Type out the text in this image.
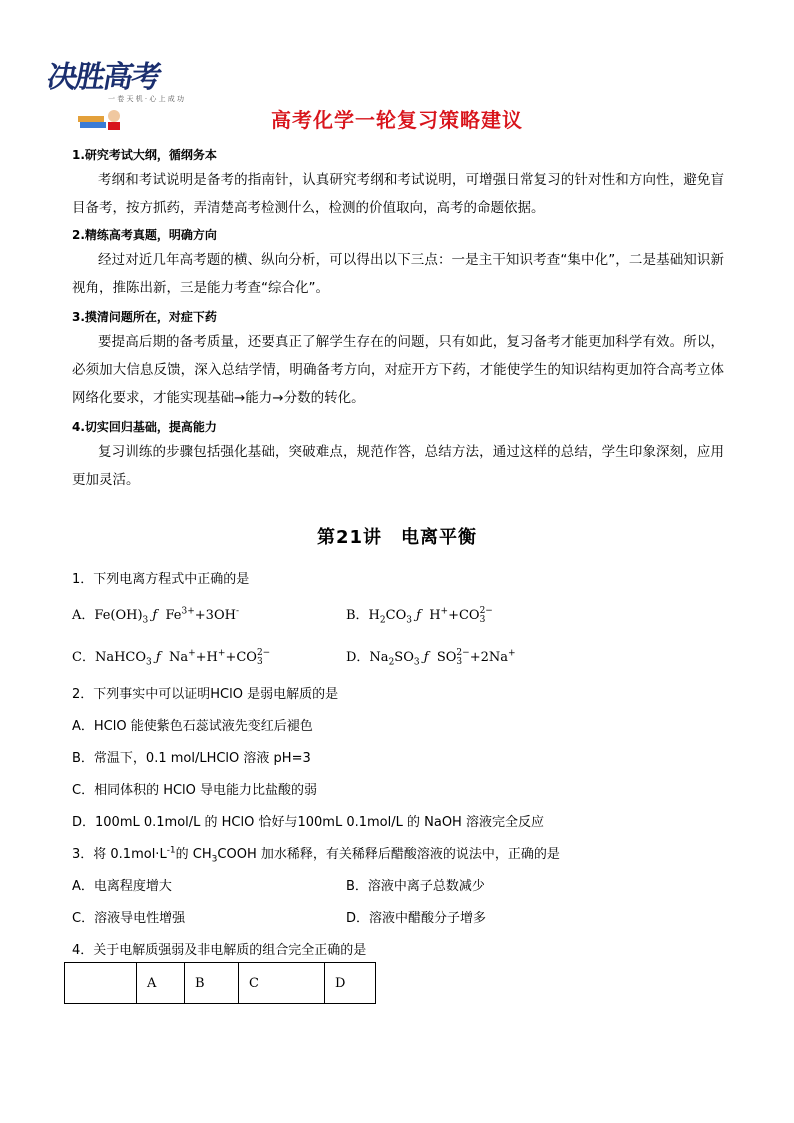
决胜高考
一 卷 天 机 · 心 上 成 功
高考化学一轮复习策略建议
1.研究考试大纲，循纲务本
考纲和考试说明是备考的指南针，认真研究考纲和考试说明，可增强日常复习的针对性和方向性，避免盲目备考，按方抓药，弄清楚高考检测什么，检测的价值取向，高考的命题依据。
2.精练高考真题，明确方向
经过对近几年高考题的横、纵向分析，可以得出以下三点：一是主干知识考查“集中化”，二是基础知识新视角，推陈出新，三是能力考查“综合化”。
3.摸清问题所在，对症下药
要提高后期的备考质量，还要真正了解学生存在的问题，只有如此，复习备考才能更加科学有效。所以，必须加大信息反馈，深入总结学情，明确备考方向，对症开方下药，才能使学生的知识结构更加符合高考立体网络化要求，才能实现基础→能力→分数的转化。
4.切实回归基础，提高能力
复习训练的步骤包括强化基础，突破难点，规范作答，总结方法，通过这样的总结，学生印象深刻，应用更加灵活。
第21讲　电离平衡
1．下列电离方程式中正确的是
A．$Fe(OH)_3$ ƒ $Fe^{3+}+3OH^-$	B．$H_2CO_3$ ƒ H++CO2−
3
C．NaHCO$_3$ ƒ Na++H++CO2−
3	D．$Na_2SO_3$ ƒ SO2−
3 +2Na+
2．下列事实中可以证明HClO 是弱电解质的是
A．HClO 能使紫色石蕊试液先变红后褪色
B．常温下，0.1 mol/LHClO 溶液 pH=3
C．相同体积的 HClO 导电能力比盐酸的弱
D．100mL 0.1mol/L 的 HClO 恰好与100mL 0.1mol/L 的 NaOH 溶液完全反应
3．将 $0.1mol\cdot L^{-1}$的 $CH_3COOH$ 加水稀释，有关稀释后醋酸溶液的说法中，正确的是
A．电离程度增大	B．溶液中离子总数减少
C．溶液导电性增强	D．溶液中醋酸分子增多
4．关于电解质强弱及非电解质的组合完全正确的是
	A	B	C	D
